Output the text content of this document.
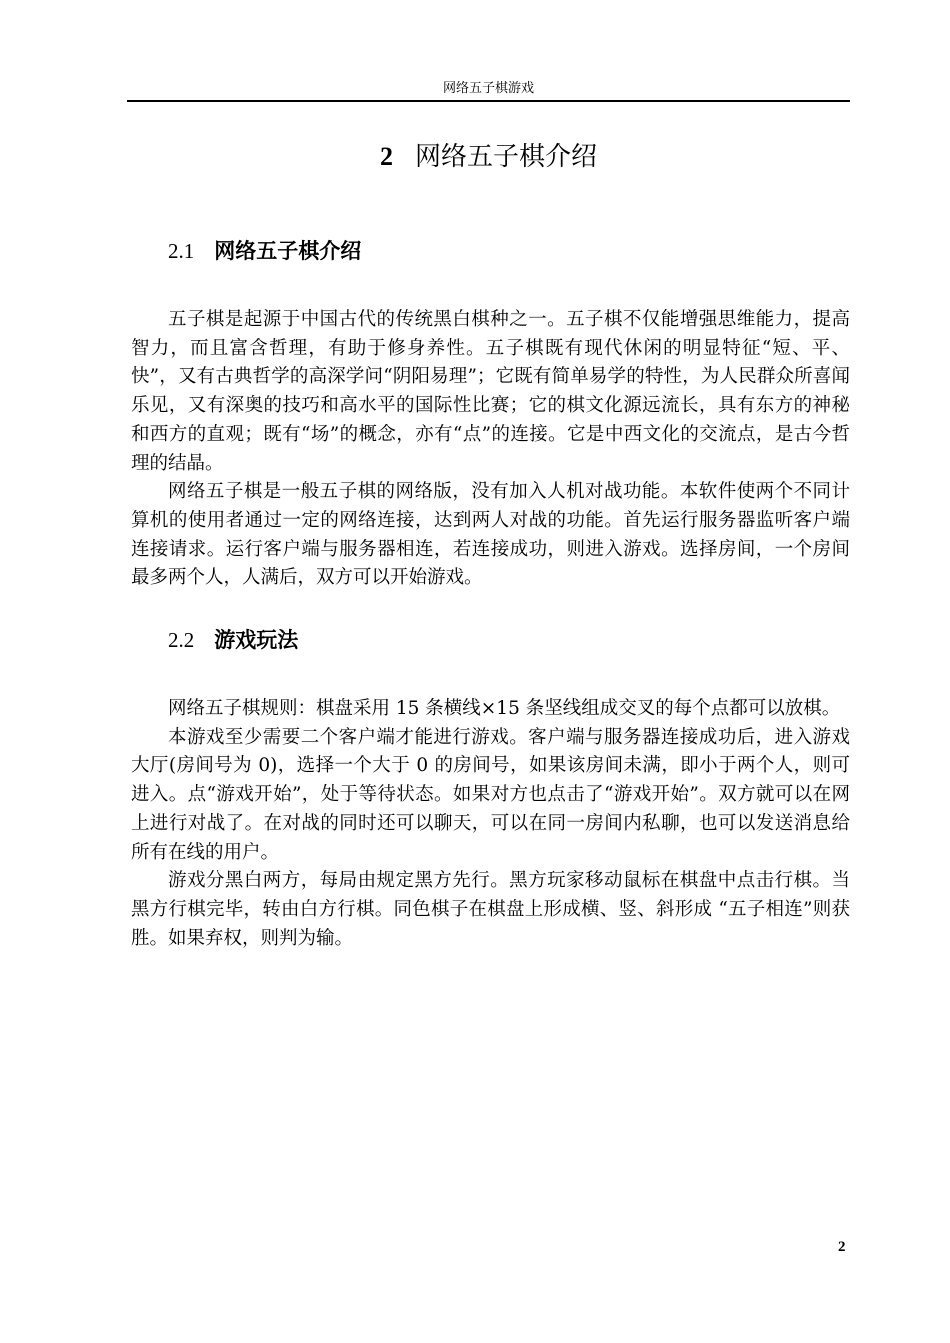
网络五子棋游戏
2 网络五子棋介绍
2.1 网络五子棋介绍

五子棋是起源于中国古代的传统黑白棋种之一。五子棋不仅能增强思维能力，提高智力，而且富含哲理，有助于修身养性。五子棋既有现代休闲的明显特征“短、平、快”，又有古典哲学的高深学问“阴阳易理”；它既有简单易学的特性，为人民群众所喜闻乐见，又有深奥的技巧和高水平的国际性比赛；它的棋文化源远流长，具有东方的神秘和西方的直观；既有“场”的概念，亦有“点”的连接。它是中西文化的交流点，是古今哲理的结晶。

网络五子棋是一般五子棋的网络版，没有加入人机对战功能。本软件使两个不同计算机的使用者通过一定的网络连接，达到两人对战的功能。首先运行服务器监听客户端连接请求。运行客户端与服务器相连，若连接成功，则进入游戏。选择房间，一个房间最多两个人，人满后，双方可以开始游戏。

2.2 游戏玩法

网络五子棋规则：棋盘采用 15 条横线×15 条坚线组成交叉的每个点都可以放棋。

本游戏至少需要二个客户端才能进行游戏。客户端与服务器连接成功后，进入游戏大厅(房间号为 0)，选择一个大于 0 的房间号，如果该房间未满，即小于两个人，则可进入。点“游戏开始”，处于等待状态。如果对方也点击了“游戏开始”。双方就可以在网上进行对战了。在对战的同时还可以聊天，可以在同一房间内私聊，也可以发送消息给所有在线的用户。

游戏分黑白两方，每局由规定黑方先行。黑方玩家移动鼠标在棋盘中点击行棋。当黑方行棋完毕，转由白方行棋。同色棋子在棋盘上形成横、竖、斜形成 “五子相连”则获胜。如果弃权，则判为输。

2
